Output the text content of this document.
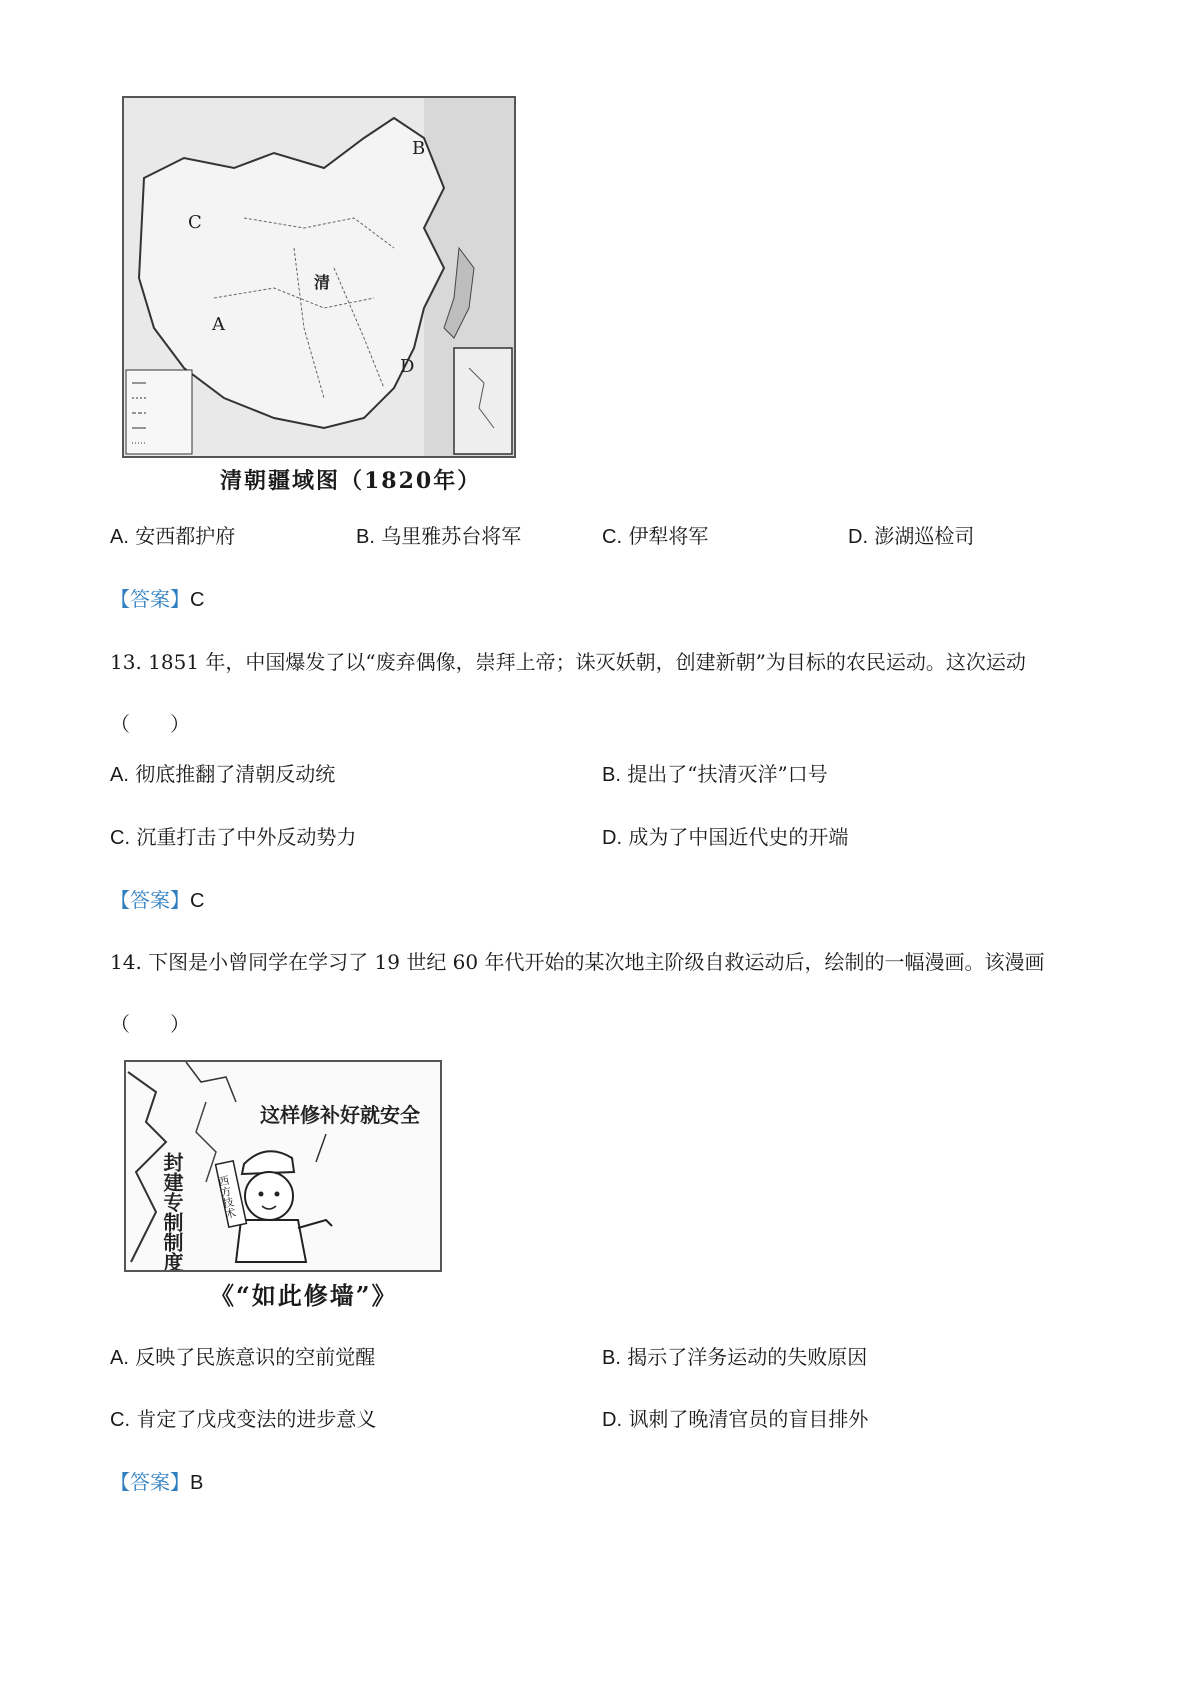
B
C
A
清
D
清朝疆域图（1820年）
A. 安西都护府	B. 乌里雅苏台将军	C. 伊犁将军	D. 澎湖巡检司
【答案】C
13. 1851 年，中国爆发了以“废弃偶像，崇拜上帝；诛灭妖朝，创建新朝”为目标的农民运动。这次运动
（　　）
A. 彻底推翻了清朝反动统	B. 提出了“扶清灭洋”口号
C. 沉重打击了中外反动势力	D. 成为了中国近代史的开端
【答案】C
14. 下图是小曾同学在学习了 19 世纪 60 年代开始的某次地主阶级自救运动后，绘制的一幅漫画。该漫画
（　　）
封建专制制度
这样修补好就安全
西方技术
《“如此修墙”》
A. 反映了民族意识的空前觉醒	B. 揭示了洋务运动的失败原因
C. 肯定了戊戌变法的进步意义	D. 讽刺了晚清官员的盲目排外
【答案】B
